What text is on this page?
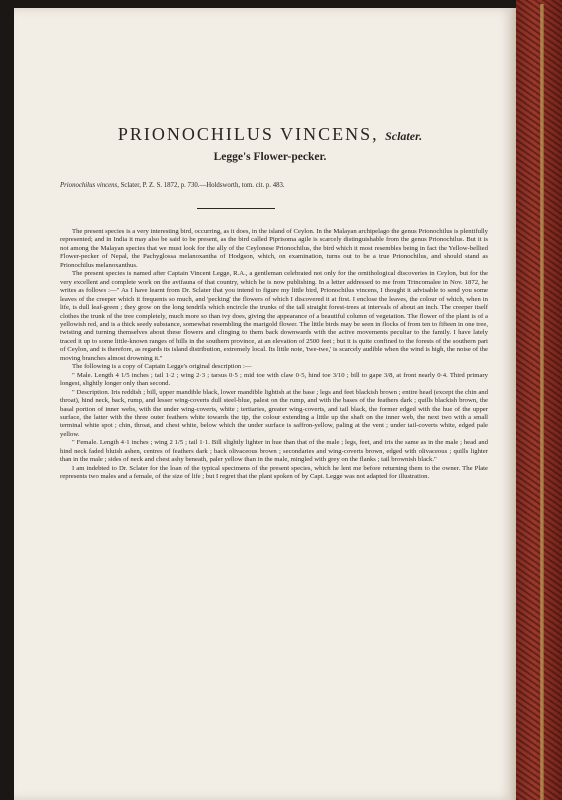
PRIONOCHILUS VINCENS, Sclater.
Legge's Flower-pecker.

Prionochilus vincens, Sclater, P. Z. S. 1872, p. 730.—Holdsworth, tom. cit. p. 483.

The present species is a very interesting bird, occurring, as it does, in the island of Ceylon. In the Malayan archipelago the genus Prionochilus is plentifully represented; and in India it may also be said to be present, as the bird called Piprisoma agile is scarcely distinguishable from the genus Prionochilus. But it is not among the Malayan species that we must look for the ally of the Ceylonese Prionochilus, the bird which it most resembles being in fact the Yellow-bellied Flower-pecker of Nepal, the Pachyglossa melanoxantha of Hodgson, which, on examination, turns out to be a true Prionochilus, and should stand as Prionochilus melanoxanthus.

The present species is named after Captain Vincent Legge, R.A., a gentleman celebrated not only for the ornithological discoveries in Ceylon, but for the very excellent and complete work on the avifauna of that country, which he is now publishing. In a letter addressed to me from Trincomalee in Nov. 1872, he writes as follows :—" As I have learnt from Dr. Sclater that you intend to figure my little bird, Prionochilus vincens, I thought it advisable to send you some leaves of the creeper which it frequents so much, and 'pecking' the flowers of which I discovered it at first. I enclose the leaves, the colour of which, when in life, is dull leaf-green ; they grow on the long tendrils which encircle the trunks of the tall straight forest-trees at intervals of about an inch. The creeper itself clothes the trunk of the tree completely, much more so than ivy does, giving the appearance of a beautiful column of vegetation. The flower of the plant is of a yellowish red, and is a thick seedy substance, somewhat resembling the marigold flower. The little birds may be seen in flocks of from ten to fifteen in one tree, twisting and turning themselves about these flowers and clinging to them back downwards with the active movements peculiar to the family. I have lately traced it up to some little-known ranges of hills in the southern province, at an elevation of 2500 feet ; but it is quite confined to the forests of the southern part of Ceylon, and is therefore, as regards its island distribution, extremely local. Its little note, 'twe-twe,' is scarcely audible when the wind is high, the noise of the moving branches almost drowning it."

The following is a copy of Captain Legge's original description :—

" Male. Length 4 1/5 inches ; tail 1·2 ; wing 2·3 ; tarsus 0·5 ; mid toe with claw 0·5, hind toe 3/10 ; bill to gape 3/8, at front nearly 0·4. Third primary longest, slightly longer only than second.

" Description. Iris reddish ; bill, upper mandible black, lower mandible lightish at the base ; legs and feet blackish brown ; entire head (except the chin and throat), hind neck, back, rump, and lesser wing-coverts dull steel-blue, palest on the rump, and with the bases of the feathers dark ; quills blackish brown, the basal portion of inner webs, with the under wing-coverts, white ; tertiaries, greater wing-coverts, and tail black, the former edged with the hue of the upper surface, the latter with the three outer feathers white towards the tip, the colour extending a little up the shaft on the inner web, the next two with a small terminal white spot ; chin, throat, and chest white, below which the under surface is saffron-yellow, paling at the vent ; under tail-coverts white, edged pale yellow.

" Female. Length 4·1 inches ; wing 2 1/5 ; tail 1·1. Bill slightly lighter in hue than that of the male ; legs, feet, and iris the same as in the male ; head and hind neck faded bluish ashen, centres of feathers dark ; back olivaceous brown ; secondaries and wing-coverts brown, edged with olivaceous ; quills lighter than in the male ; sides of neck and chest ashy beneath, paler yellow than in the male, mingled with grey on the flanks ; tail brownish black."

I am indebted to Dr. Sclater for the loan of the typical specimens of the present species, which he lent me before returning them to the owner. The Plate represents two males and a female, of the size of life ; but I regret that the plant spoken of by Capt. Legge was not adapted for illustration.
